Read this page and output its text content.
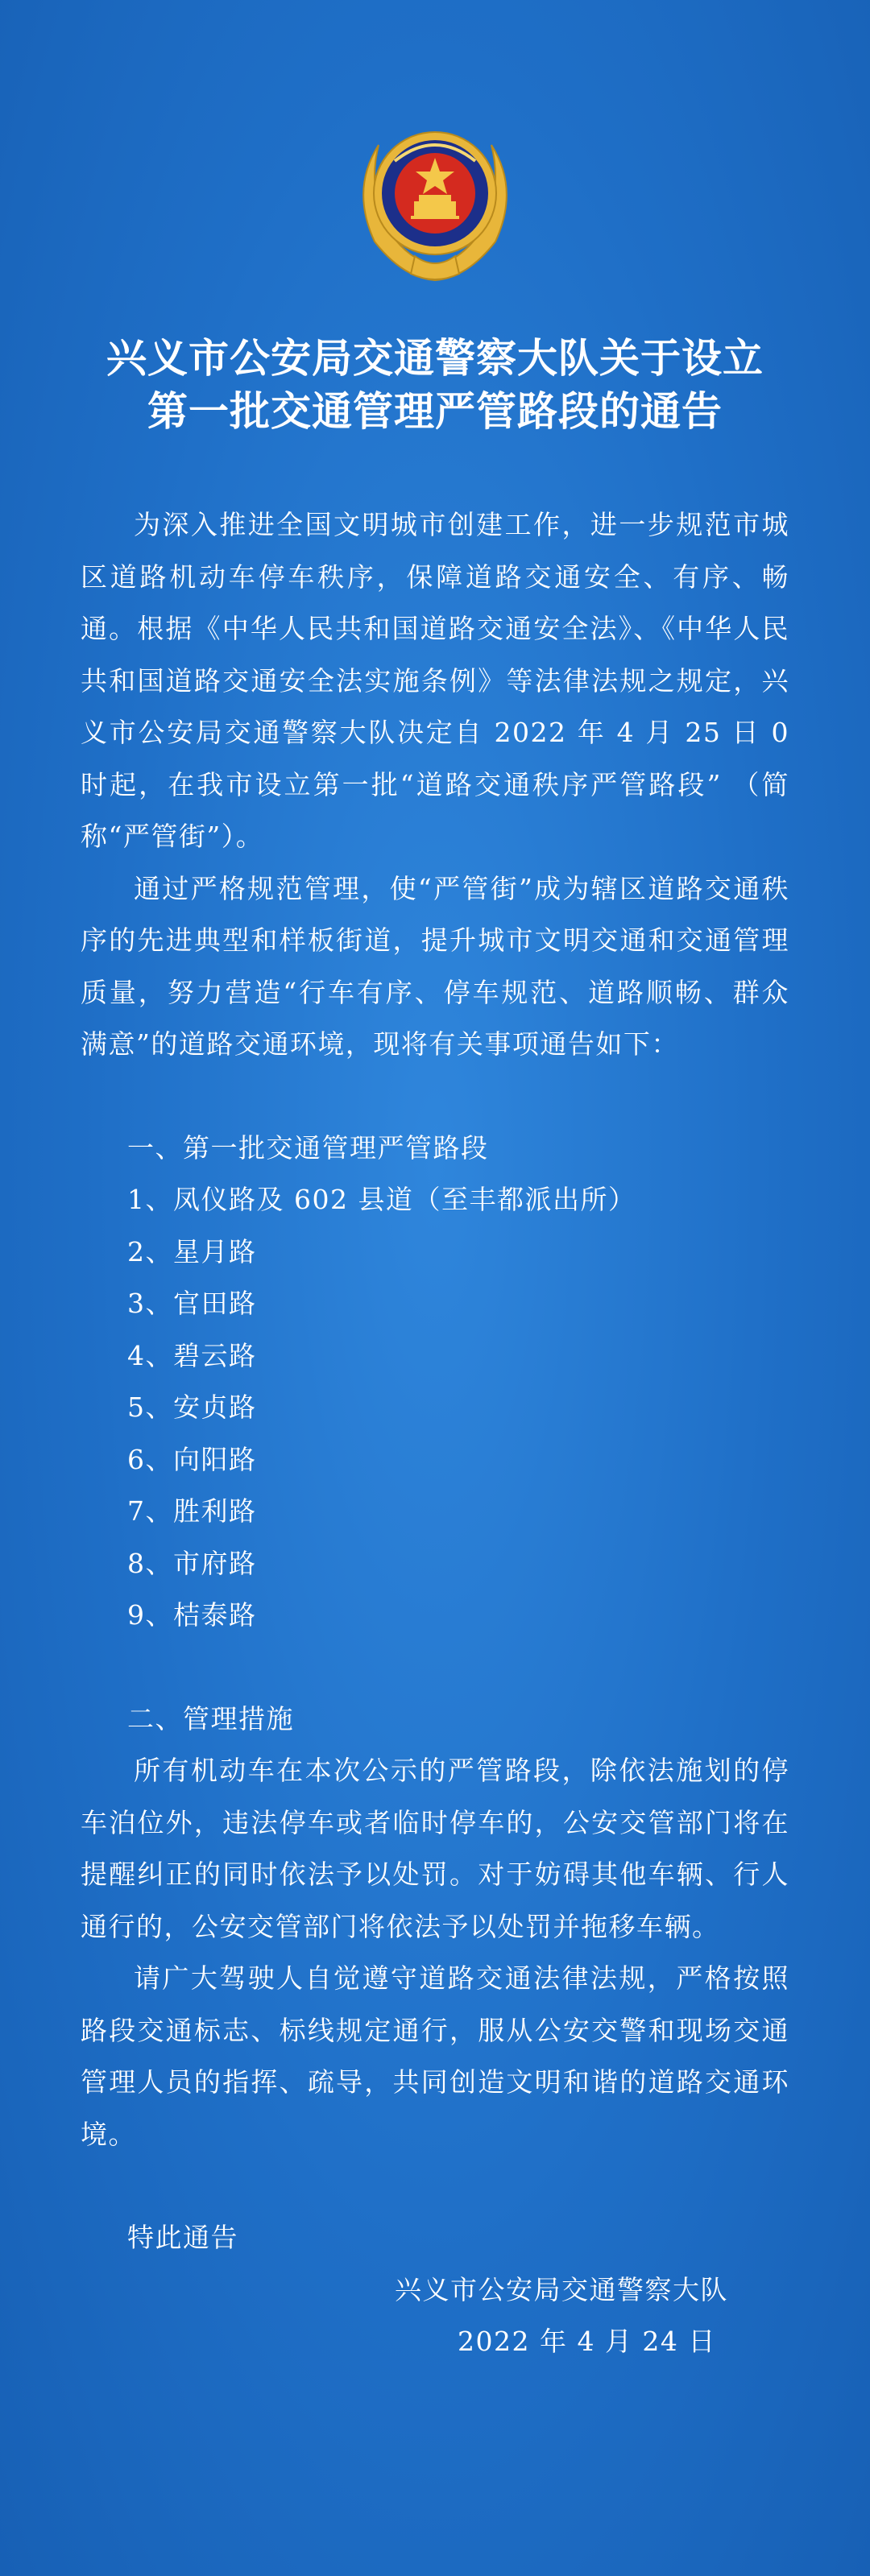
兴义市公安局交通警察大队关于设立
第一批交通管理严管路段的通告

为深入推进全国文明城市创建工作，进一步规范市城区道路机动车停车秩序，保障道路交通安全、有序、畅通。根据《中华人民共和国道路交通安全法》、《中华人民共和国道路交通安全法实施条例》等法律法规之规定，兴义市公安局交通警察大队决定自 2022 年 4 月 25 日 0 时起，在我市设立第一批“道路交通秩序严管路段” （简称“严管街”）。

通过严格规范管理，使“严管街”成为辖区道路交通秩序的先进典型和样板街道，提升城市文明交通和交通管理质量，努力营造“行车有序、停车规范、道路顺畅、群众满意”的道路交通环境，现将有关事项通告如下：

一、第一批交通管理严管路段

1、凤仪路及 602 县道（至丰都派出所）

2、星月路

3、官田路

4、碧云路

5、安贞路

6、向阳路

7、胜利路

8、市府路

9、桔泰路

二、管理措施

所有机动车在本次公示的严管路段，除依法施划的停车泊位外，违法停车或者临时停车的，公安交管部门将在提醒纠正的同时依法予以处罚。对于妨碍其他车辆、行人通行的，公安交管部门将依法予以处罚并拖移车辆。

请广大驾驶人自觉遵守道路交通法律法规，严格按照路段交通标志、标线规定通行，服从公安交警和现场交通管理人员的指挥、疏导，共同创造文明和谐的道路交通环境。

特此通告

兴义市公安局交通警察大队

2022 年 4 月 24 日
